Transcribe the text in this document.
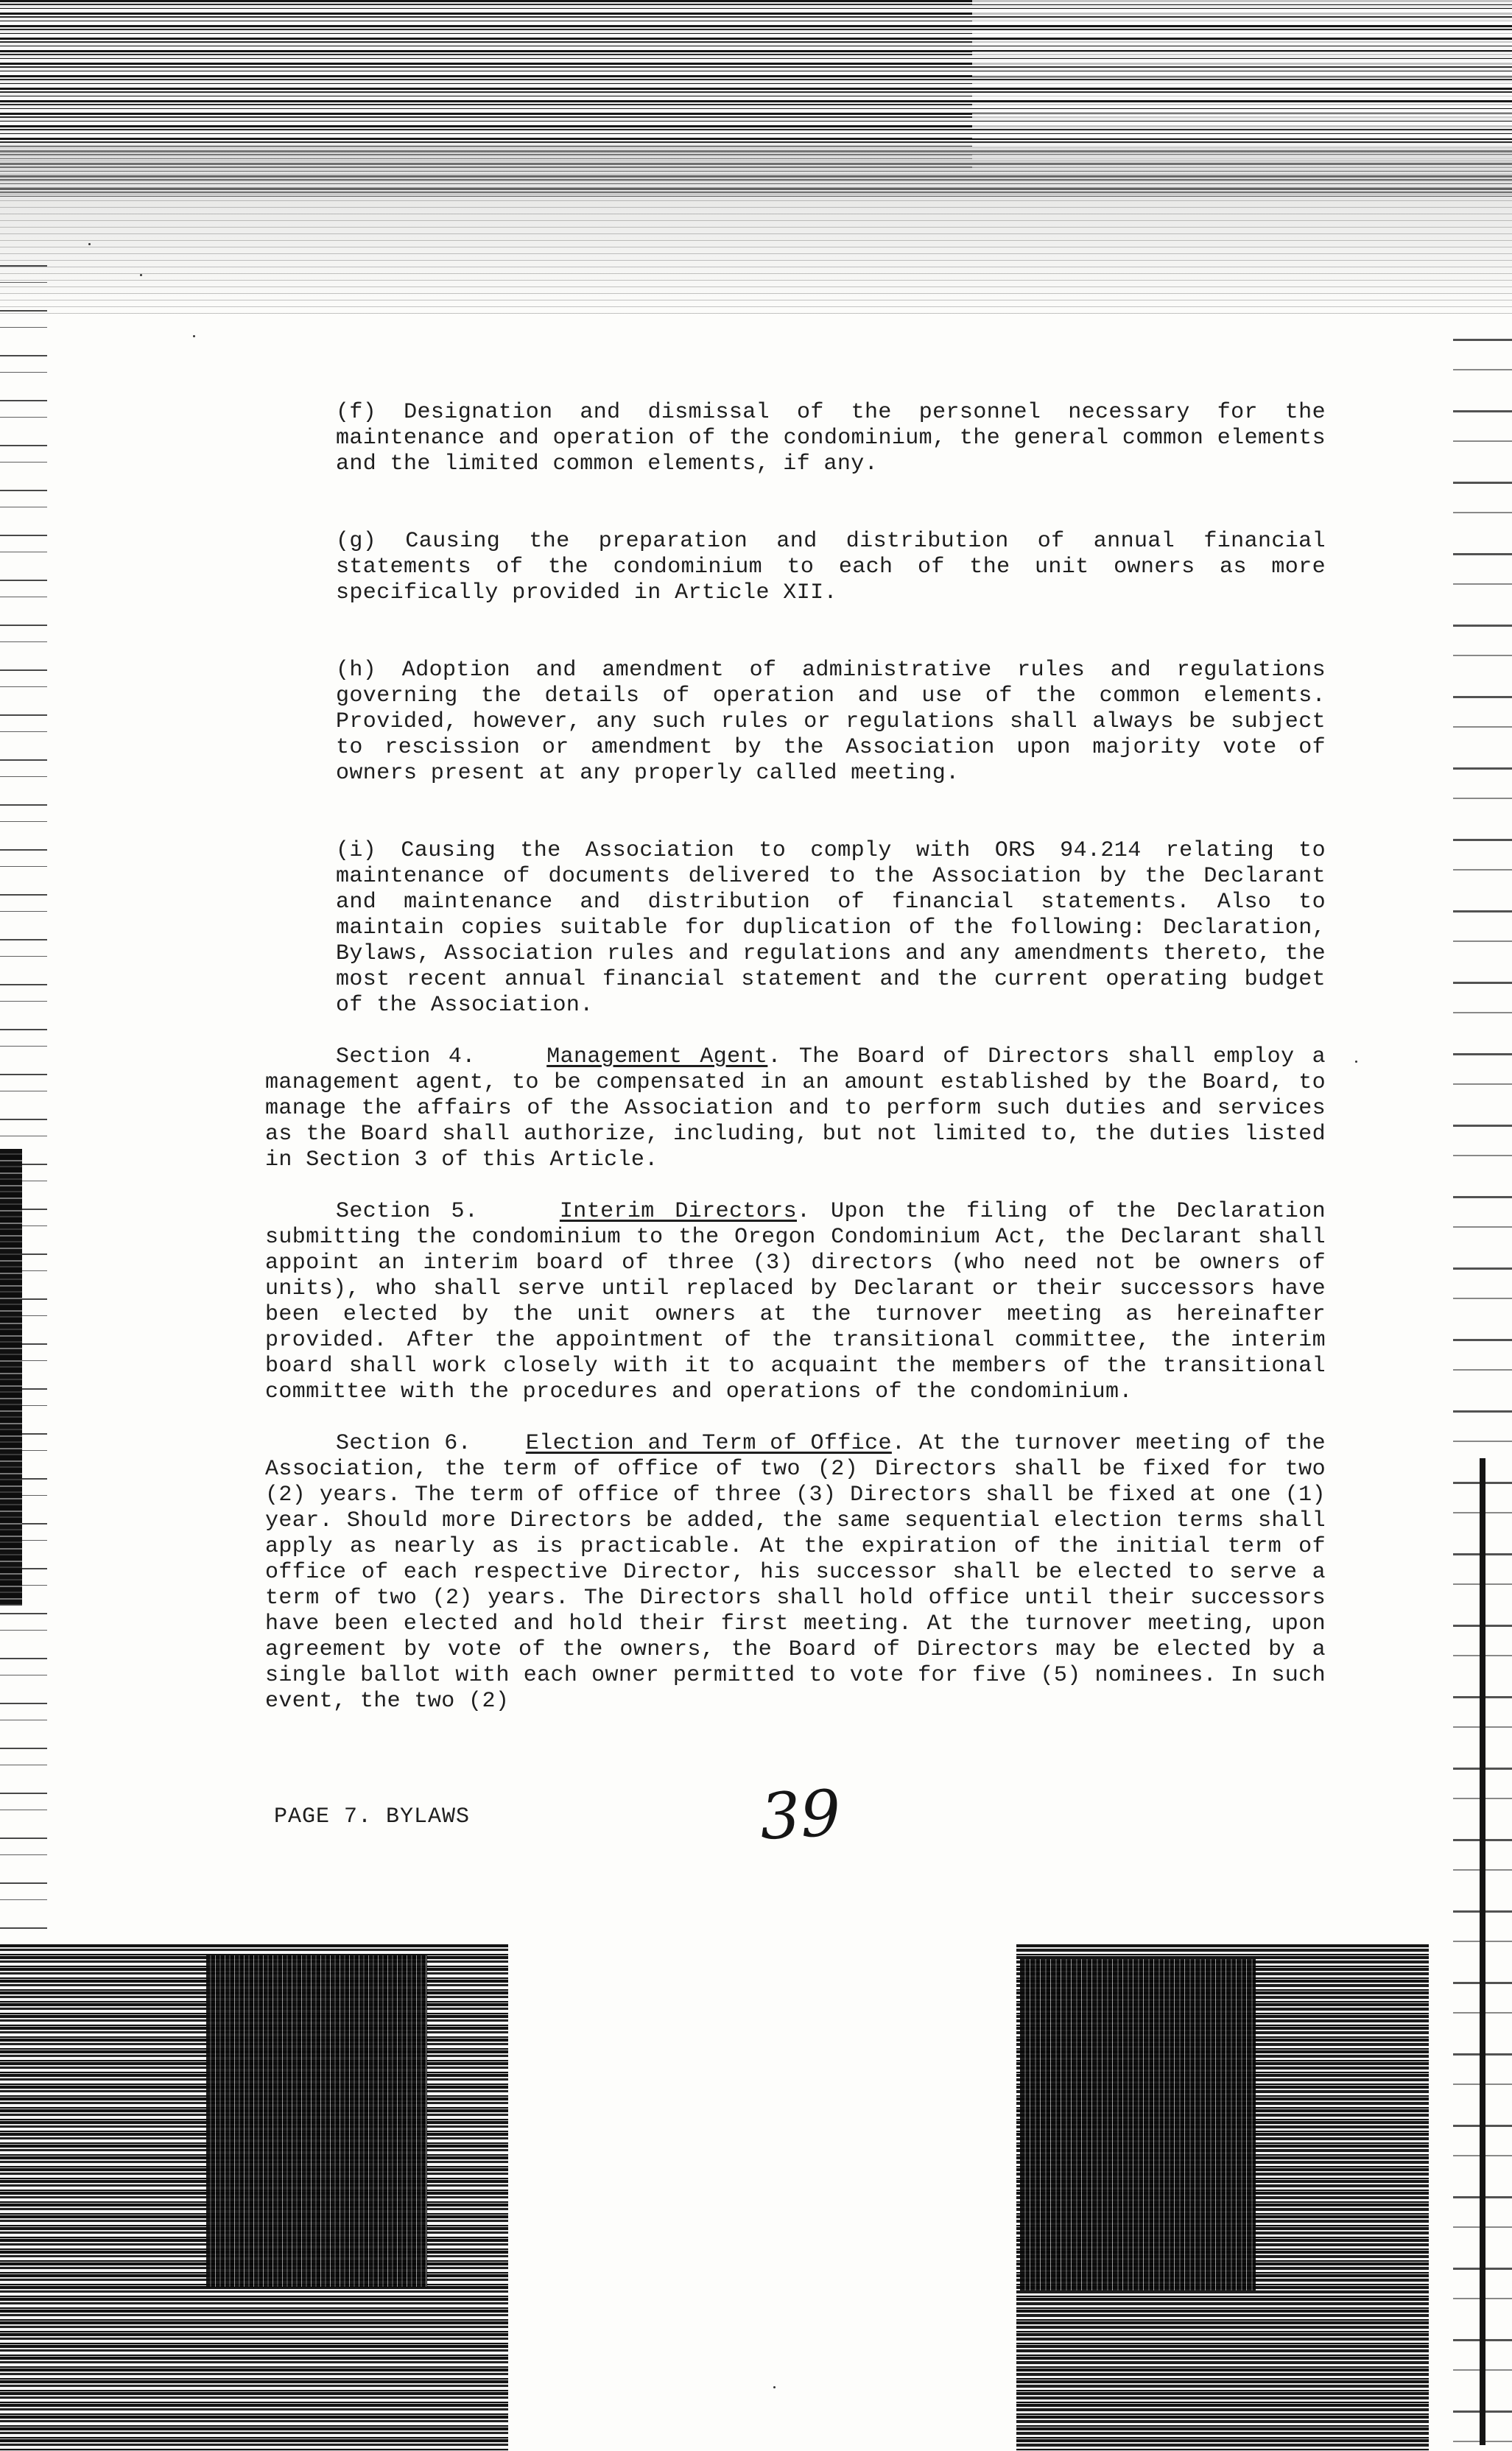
(f) Designation and dismissal of the personnel necessary for the maintenance and operation of the condominium, the general common elements and the limited common elements, if any.

(g) Causing the preparation and distribution of annual financial statements of the condominium to each of the unit owners as more specifically provided in Article XII.

(h) Adoption and amendment of administrative rules and regulations governing the details of operation and use of the common elements. Provided, however, any such rules or regulations shall always be subject to rescission or amendment by the Association upon majority vote of owners present at any properly called meeting.

(i) Causing the Association to comply with ORS 94.214 relating to maintenance of documents delivered to the Association by the Declarant and maintenance and distribution of financial statements. Also to maintain copies suitable for duplication of the following: Declaration, Bylaws, Association rules and regulations and any amendments thereto, the most recent annual financial statement and the current operating budget of the Association.

Section 4.	Management Agent. The Board of Directors shall employ a management agent, to be compensated in an amount established by the Board, to manage the affairs of the Association and to perform such duties and services as the Board shall authorize, including, but not limited to, the duties listed in Section 3 of this Article.

Section 5.	Interim Directors. Upon the filing of the Declaration submitting the condominium to the Oregon Condominium Act, the Declarant shall appoint an interim board of three (3) directors (who need not be owners of units), who shall serve until replaced by Declarant or their successors have been elected by the unit owners at the turnover meeting as hereinafter provided. After the appointment of the transitional committee, the interim board shall work closely with it to acquaint the members of the transitional committee with the procedures and operations of the condominium.

Section 6. Election and Term of Office. At the turnover meeting of the Association, the term of office of two (2) Directors shall be fixed for two (2) years. The term of office of three (3) Directors shall be fixed at one (1) year. Should more Directors be added, the same sequential election terms shall apply as nearly as is practicable. At the expiration of the initial term of office of each respective Director, his successor shall be elected to serve a term of two (2) years. The Directors shall hold office until their successors have been elected and hold their first meeting. At the turnover meeting, upon agreement by vote of the owners, the Board of Directors may be elected by a single ballot with each owner permitted to vote for five (5) nominees. In such event, the two (2)

PAGE 7. BYLAWS	39
